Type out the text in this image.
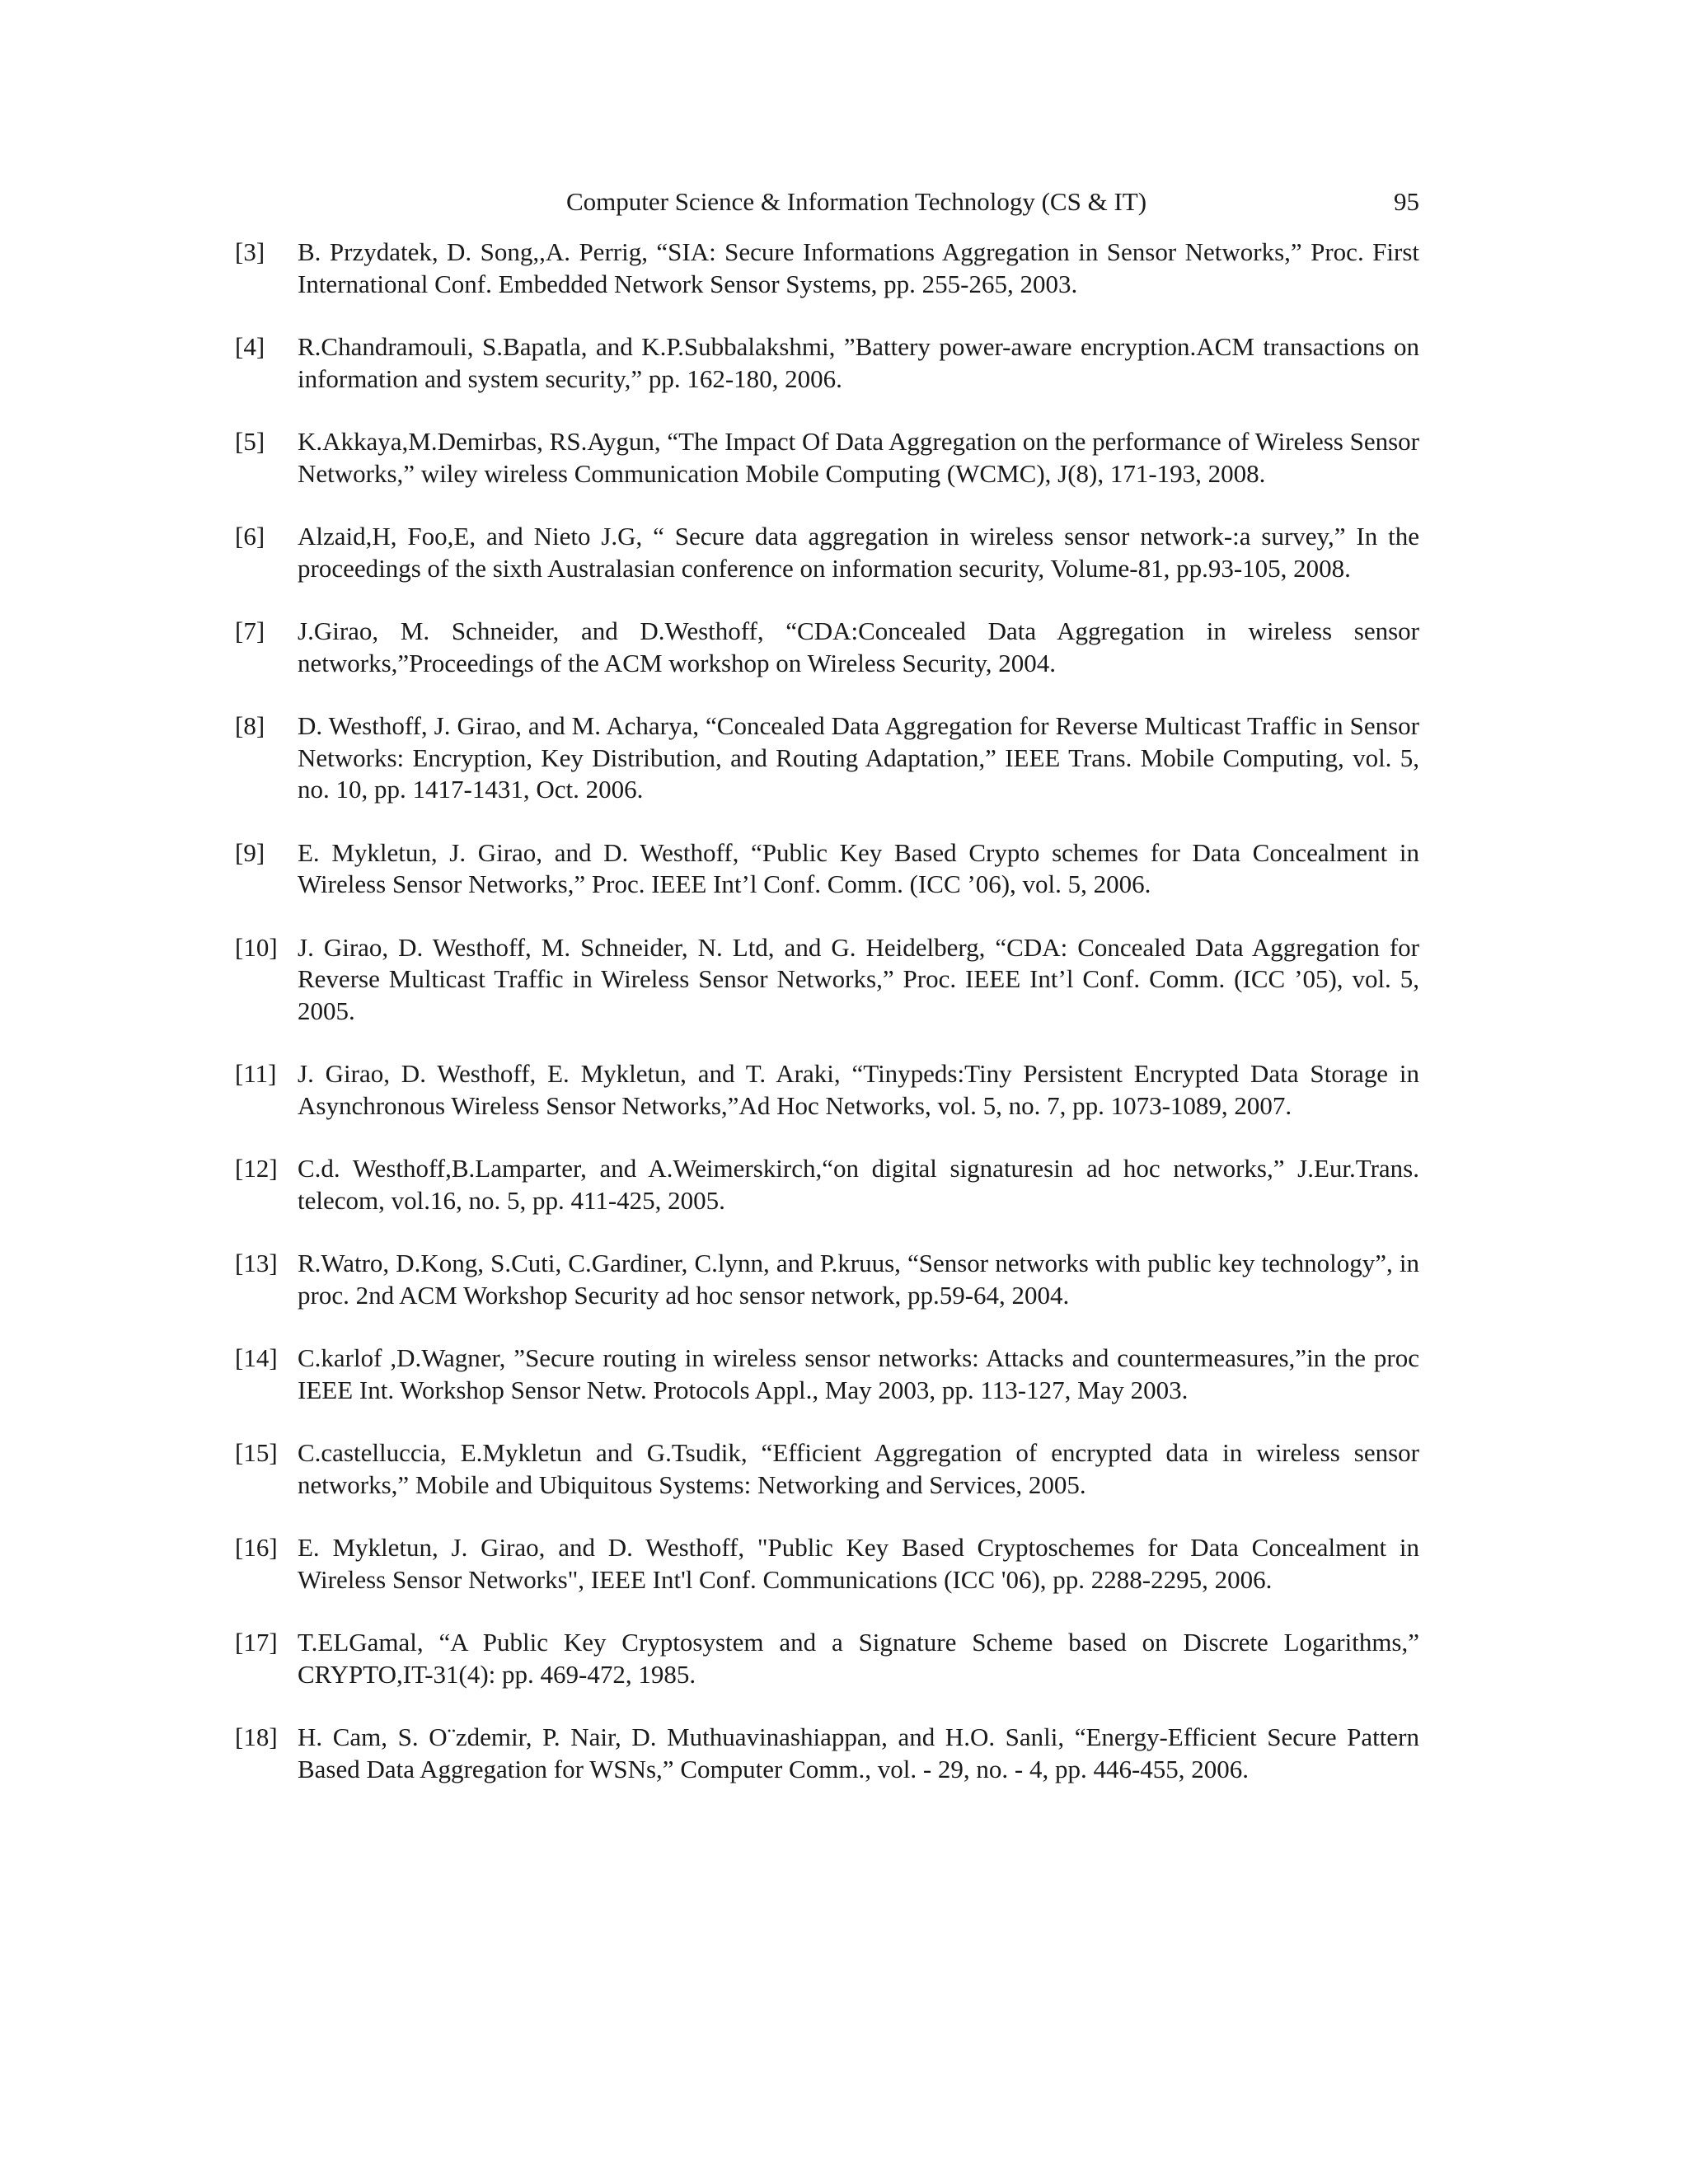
Computer Science & Information Technology (CS & IT)	95
[3]	B. Przydatek, D. Song,,A. Perrig, “SIA: Secure Informations Aggregation in Sensor Networks,” Proc. First International Conf. Embedded Network Sensor Systems, pp. 255-265, 2003.
[4]	R.Chandramouli, S.Bapatla, and K.P.Subbalakshmi, ”Battery power-aware encryption.ACM transactions on information and system security,” pp. 162-180, 2006.
[5]	K.Akkaya,M.Demirbas, RS.Aygun, “The Impact Of Data Aggregation on the performance of Wireless Sensor Networks,” wiley wireless Communication Mobile Computing (WCMC), J(8), 171-193, 2008.
[6]	Alzaid,H, Foo,E, and Nieto J.G, “ Secure data aggregation in wireless sensor network-:a survey,” In the proceedings of the sixth Australasian conference on information security, Volume-81, pp.93-105, 2008.
[7]	J.Girao, M. Schneider, and D.Westhoff, “CDA:Concealed Data Aggregation in wireless sensor networks,”Proceedings of the ACM workshop on Wireless Security, 2004.
[8]	D. Westhoff, J. Girao, and M. Acharya, “Concealed Data Aggregation for Reverse Multicast Traffic in Sensor Networks: Encryption, Key Distribution, and Routing Adaptation,” IEEE Trans. Mobile Computing, vol. 5, no. 10, pp. 1417-1431, Oct. 2006.
[9]	E. Mykletun, J. Girao, and D. Westhoff, “Public Key Based Crypto schemes for Data Concealment in Wireless Sensor Networks,” Proc. IEEE Int’l Conf. Comm. (ICC ’06), vol. 5, 2006.
[10] J. Girao, D. Westhoff, M. Schneider, N. Ltd, and G. Heidelberg, “CDA: Concealed Data Aggregation for Reverse Multicast Traffic in Wireless Sensor Networks,” Proc. IEEE Int’l Conf. Comm. (ICC ’05), vol. 5, 2005.
[11] J. Girao, D. Westhoff, E. Mykletun, and T. Araki, “Tinypeds:Tiny Persistent Encrypted Data Storage in Asynchronous Wireless Sensor Networks,”Ad Hoc Networks, vol. 5, no. 7, pp. 1073-1089, 2007.
[12] C.d. Westhoff,B.Lamparter, and A.Weimerskirch,“on digital signaturesin ad hoc networks,” J.Eur.Trans. telecom, vol.16, no. 5, pp. 411-425, 2005.
[13] R.Watro, D.Kong, S.Cuti, C.Gardiner, C.lynn, and P.kruus, “Sensor networks with public key technology”, in proc. 2nd ACM Workshop Security ad hoc sensor network, pp.59-64, 2004.
[14] C.karlof ,D.Wagner, ”Secure routing in wireless sensor networks: Attacks and countermeasures,”in the proc IEEE Int. Workshop Sensor Netw. Protocols Appl., May 2003, pp. 113-127, May 2003.
[15] C.castelluccia, E.Mykletun and G.Tsudik, “Efficient Aggregation of encrypted data in wireless sensor networks,” Mobile and Ubiquitous Systems: Networking and Services, 2005.
[16] E. Mykletun, J. Girao, and D. Westhoff, "Public Key Based Cryptoschemes for Data Concealment in Wireless Sensor Networks", IEEE Int'l Conf. Communications (ICC '06), pp. 2288-2295, 2006.
[17] T.ELGamal, “A Public Key Cryptosystem and a Signature Scheme based on Discrete Logarithms,” CRYPTO,IT-31(4): pp. 469-472, 1985.
[18] H. Cam, S. O¨zdemir, P. Nair, D. Muthuavinashiappan, and H.O. Sanli, “Energy-Efficient Secure Pattern Based Data Aggregation for WSNs,” Computer Comm., vol. - 29, no. - 4, pp. 446-455, 2006.
